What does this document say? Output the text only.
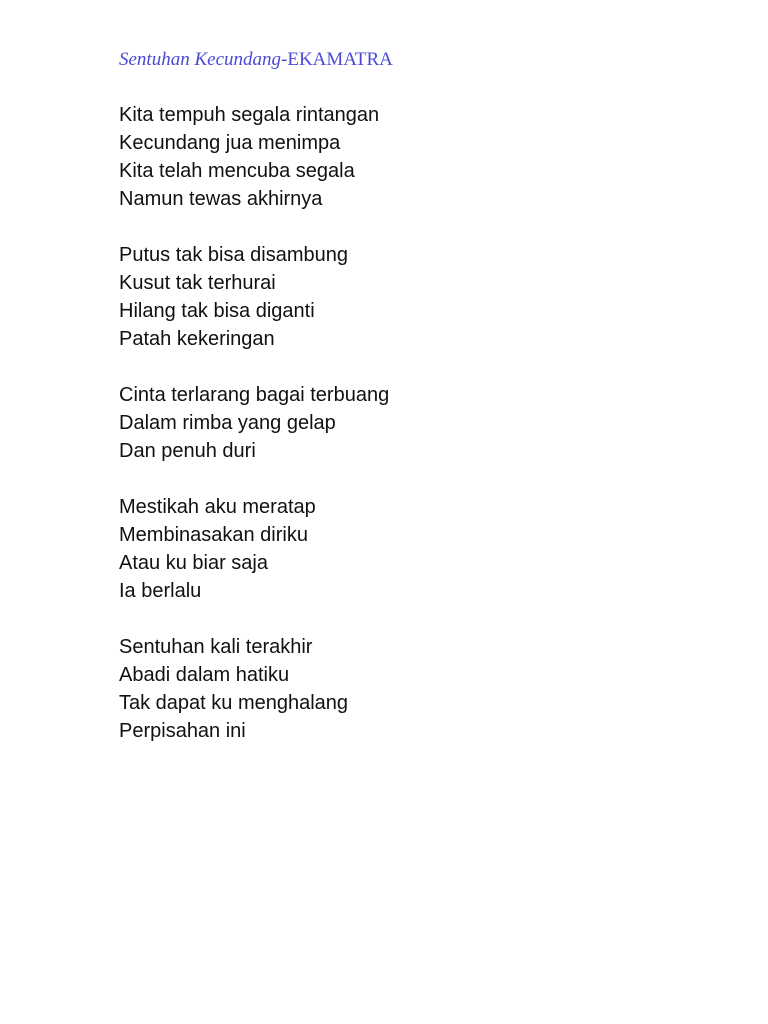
Sentuhan Kecundang-EKAMATRA
Kita tempuh segala rintangan
Kecundang jua menimpa
Kita telah mencuba segala
Namun tewas akhirnya
Putus tak bisa disambung
Kusut tak terhurai
Hilang tak bisa diganti
Patah kekeringan
Cinta terlarang bagai terbuang
Dalam rimba yang gelap
Dan penuh duri
Mestikah aku meratap
Membinasakan diriku
Atau ku biar saja
Ia berlalu
Sentuhan kali terakhir
Abadi dalam hatiku
Tak dapat ku menghalang
Perpisahan ini
